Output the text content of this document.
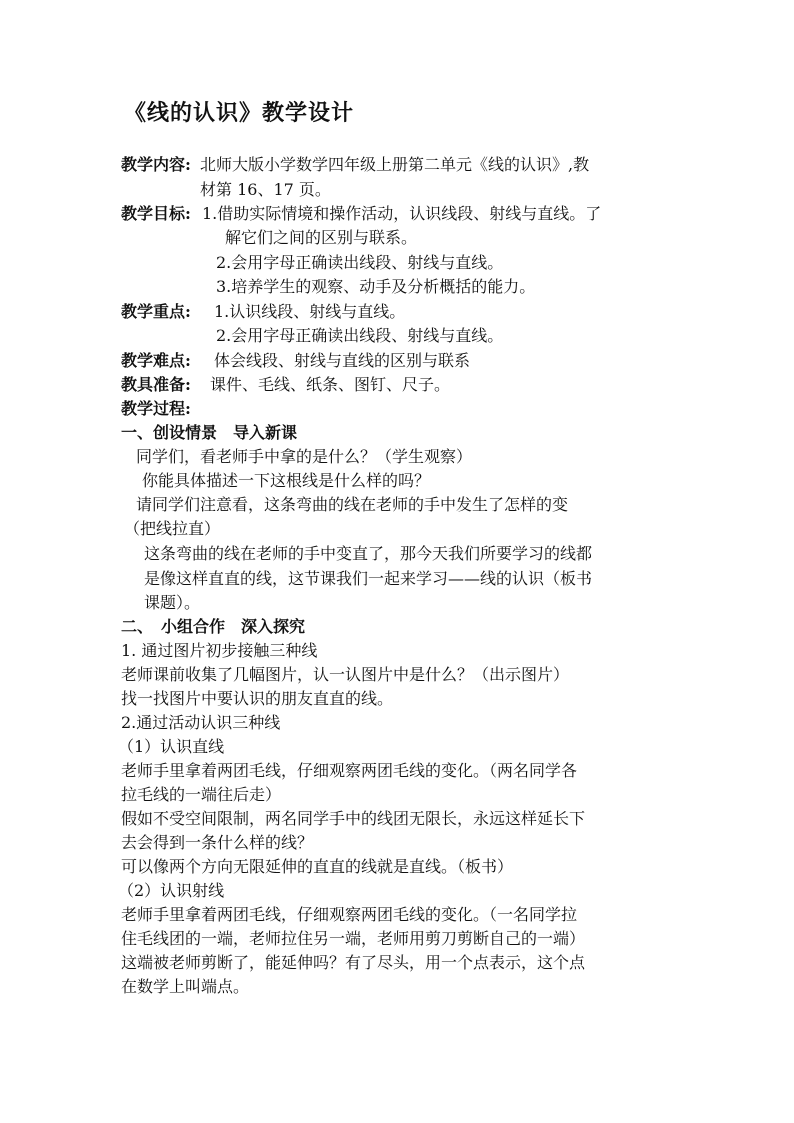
《线的认识》教学设计
教学内容: 北师大版小学数学四年级上册第二单元《线的认识》,教
材第 16、17 页。
教学目标: 1.借助实际情境和操作活动，认识线段、射线与直线。了
解它们之间的区别与联系。
2.会用字母正确读出线段、射线与直线。
3.培养学生的观察、动手及分析概括的能力。
教学重点: 1.认识线段、射线与直线。
2.会用字母正确读出线段、射线与直线。
教学难点: 体会线段、射线与直线的区别与联系
教具准备: 课件、毛线、纸条、图钉、尺子。
教学过程:
一、创设情景　导入新课
同学们，看老师手中拿的是什么？（学生观察）
你能具体描述一下这根线是什么样的吗？
请同学们注意看，这条弯曲的线在老师的手中发生了怎样的变
（把线拉直）
这条弯曲的线在老师的手中变直了，那今天我们所要学习的线都
是像这样直直的线，这节课我们一起来学习——线的认识（板书
课题）。
二、　小组合作　深入探究
1. 通过图片初步接触三种线
老师课前收集了几幅图片，认一认图片中是什么？（出示图片）
找一找图片中要认识的朋友直直的线。
2.通过活动认识三种线
（1）认识直线
老师手里拿着两团毛线，仔细观察两团毛线的变化。（两名同学各
拉毛线的一端往后走）
假如不受空间限制，两名同学手中的线团无限长，永远这样延长下
去会得到一条什么样的线？
可以像两个方向无限延伸的直直的线就是直线。（板书）
（2）认识射线
老师手里拿着两团毛线，仔细观察两团毛线的变化。（一名同学拉
住毛线团的一端，老师拉住另一端，老师用剪刀剪断自己的一端）
这端被老师剪断了，能延伸吗？有了尽头，用一个点表示，这个点
在数学上叫端点。
